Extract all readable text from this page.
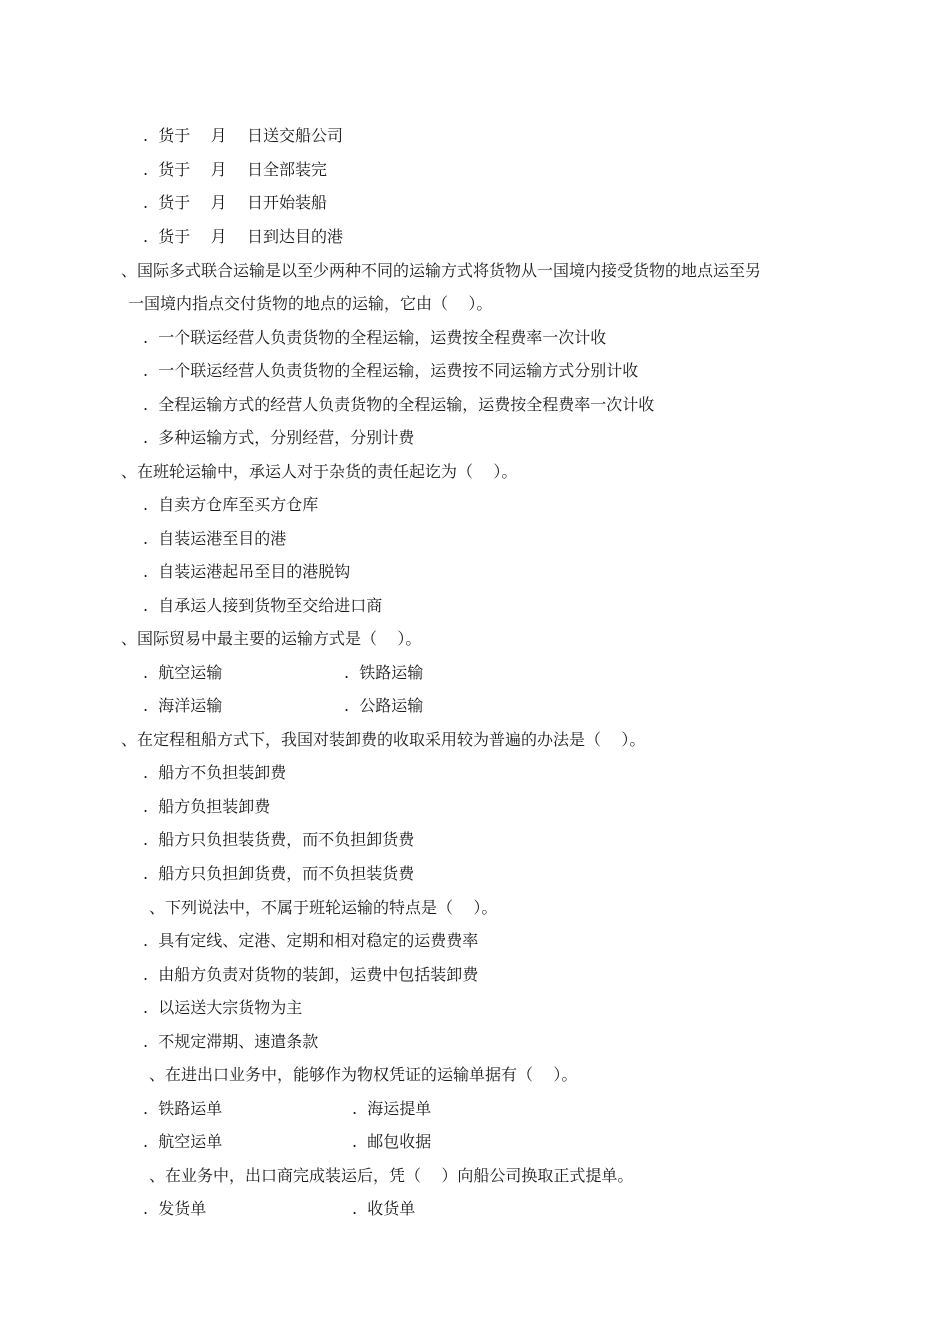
.  货于    月    日送交船公司
.  货于    月    日全部装完
.  货于    月    日开始装船
.  货于    月    日到达目的港
、国际多式联合运输是以至少两种不同的运输方式将货物从一国境内接受货物的地点运至另
一国境内指点交付货物的地点的运输，它由（    ）。
.  一个联运经营人负责货物的全程运输，运费按全程费率一次计收
.  一个联运经营人负责货物的全程运输，运费按不同运输方式分别计收
.  全程运输方式的经营人负责货物的全程运输，运费按全程费率一次计收
.  多种运输方式，分别经营，分别计费
、在班轮运输中，承运人对于杂货的责任起讫为（    ）。
.  自卖方仓库至买方仓库
.  自装运港至目的港
.  自装运港起吊至目的港脱钩
.  自承运人接到货物至交给进口商
、国际贸易中最主要的运输方式是（    ）。
.  航空运输	.  铁路运输
.  海洋运输	.  公路运输
、在定程租船方式下，我国对装卸费的收取采用较为普遍的办法是（    ）。
.  船方不负担装卸费
.  船方负担装卸费
.  船方只负担装货费，而不负担卸货费
.  船方只负担卸货费，而不负担装货费
、下列说法中，不属于班轮运输的特点是（    ）。
.  具有定线、定港、定期和相对稳定的运费费率
.  由船方负责对货物的装卸，运费中包括装卸费
.  以运送大宗货物为主
.  不规定滞期、速遣条款
、在进出口业务中，能够作为物权凭证的运输单据有（    ）。
.  铁路运单	.  海运提单
.  航空运单	.  邮包收据
、在业务中，出口商完成装运后，凭（    ）向船公司换取正式提单。
.  发货单	.  收货单
